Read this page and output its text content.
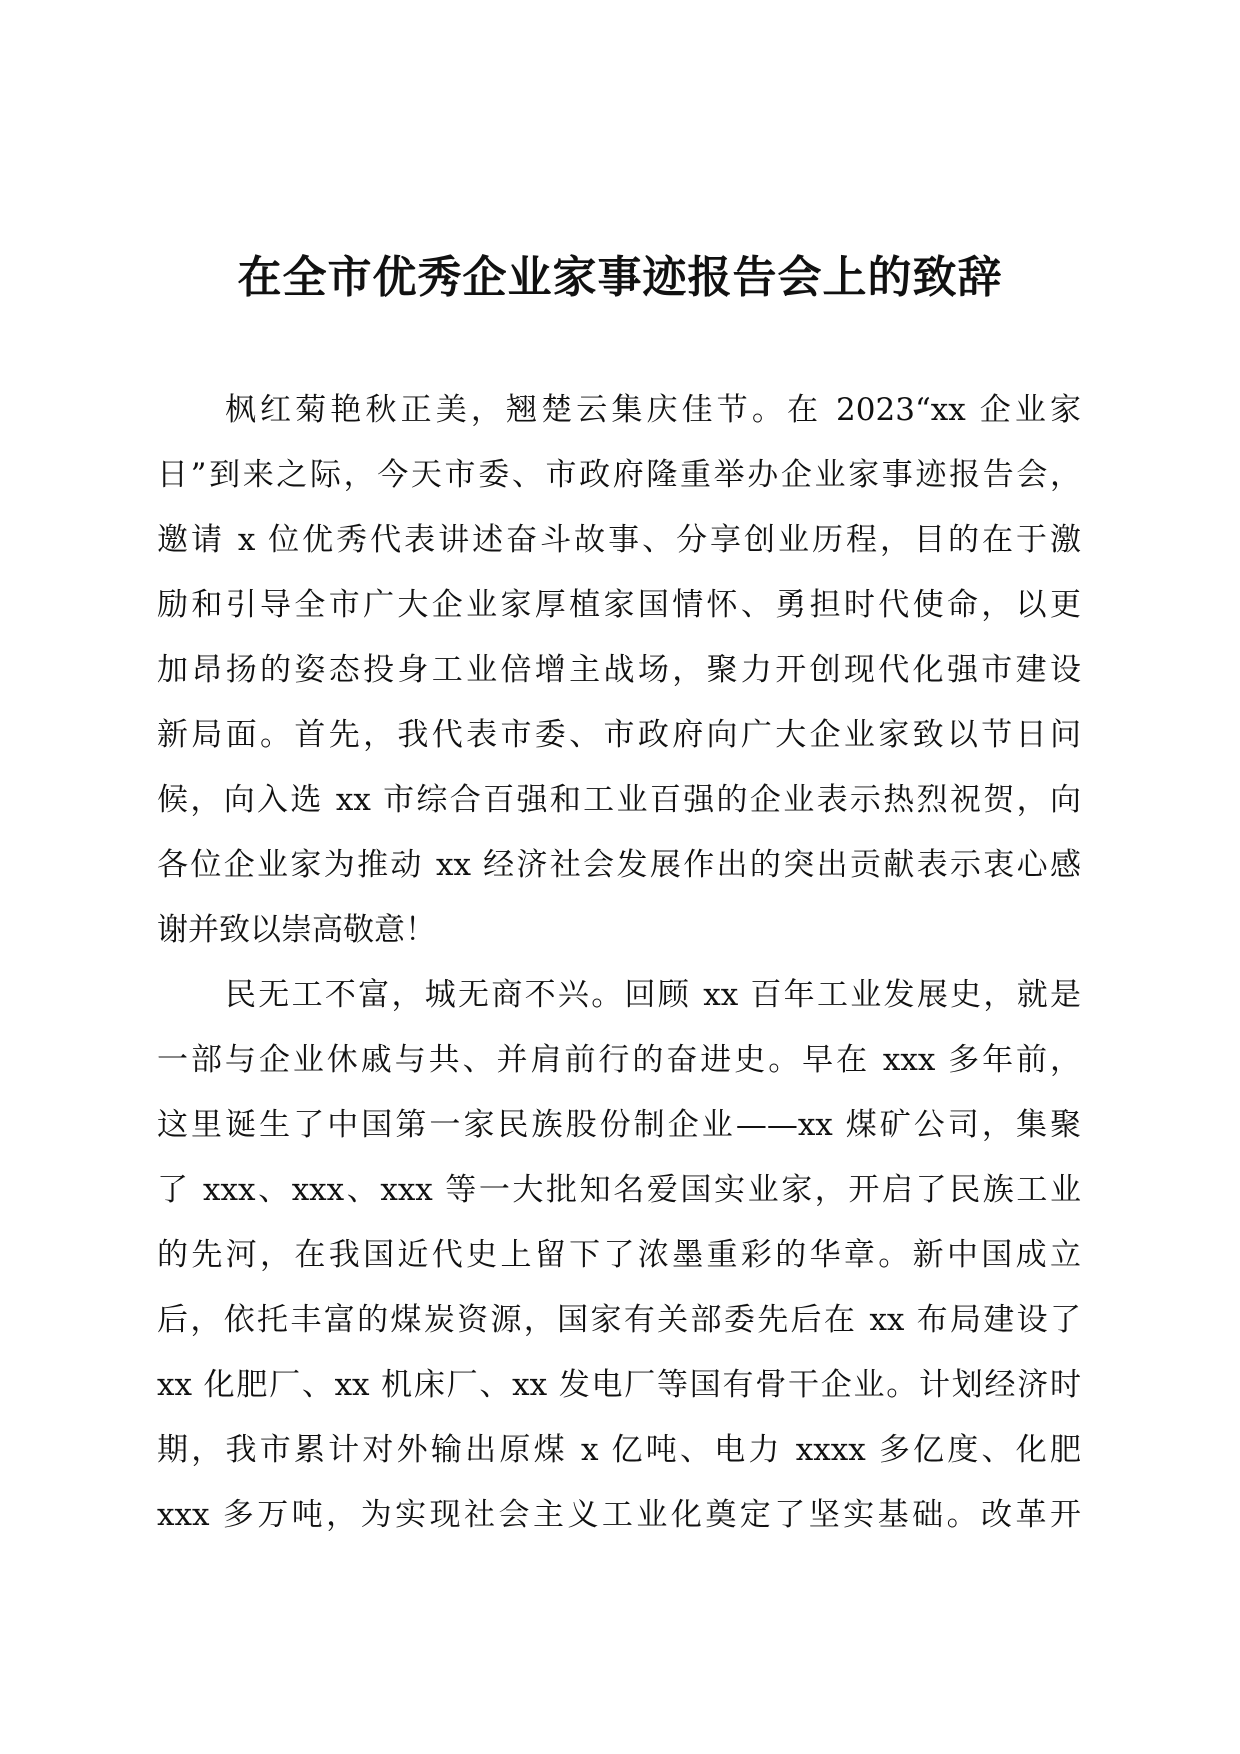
在全市优秀企业家事迹报告会上的致辞

枫红菊艳秋正美，翘楚云集庆佳节。在 2023“xx 企业家
日”到来之际，今天市委、市政府隆重举办企业家事迹报告会，
邀请 x 位优秀代表讲述奋斗故事、分享创业历程，目的在于激
励和引导全市广大企业家厚植家国情怀、勇担时代使命，以更
加昂扬的姿态投身工业倍增主战场，聚力开创现代化强市建设
新局面。首先，我代表市委、市政府向广大企业家致以节日问
候，向入选 xx 市综合百强和工业百强的企业表示热烈祝贺，向
各位企业家为推动 xx 经济社会发展作出的突出贡献表示衷心感
谢并致以崇高敬意！

民无工不富，城无商不兴。回顾 xx 百年工业发展史，就是
一部与企业休戚与共、并肩前行的奋进史。早在 xxx 多年前，
这里诞生了中国第一家民族股份制企业——xx 煤矿公司，集聚
了 xxx、xxx、xxx 等一大批知名爱国实业家，开启了民族工业
的先河，在我国近代史上留下了浓墨重彩的华章。新中国成立
后，依托丰富的煤炭资源，国家有关部委先后在 xx 布局建设了
xx 化肥厂、xx 机床厂、xx 发电厂等国有骨干企业。计划经济时
期，我市累计对外输出原煤 x 亿吨、电力 xxxx 多亿度、化肥
xxx 多万吨，为实现社会主义工业化奠定了坚实基础。改革开
